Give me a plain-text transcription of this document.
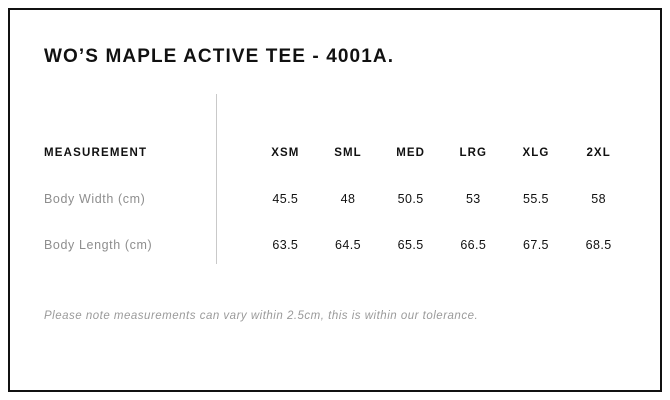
WO’S MAPLE ACTIVE TEE - 4001A.
MEASUREMENT	XSM	SML	MED	LRG	XLG	2XL
Body Width (cm)	45.5	48	50.5	53	55.5	58
Body Length (cm)	63.5	64.5	65.5	66.5	67.5	68.5
Please note measurements can vary within 2.5cm, this is within our tolerance.
